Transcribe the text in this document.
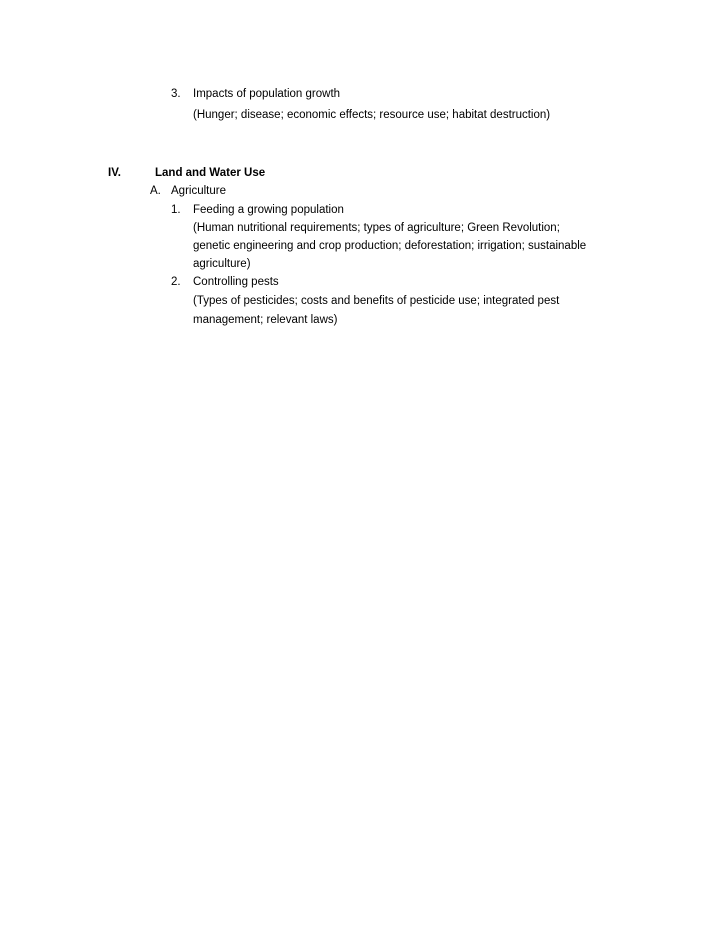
3. Impacts of population growth
(Hunger; disease; economic effects; resource use; habitat destruction)
IV.	Land and Water Use
A. Agriculture
1. Feeding a growing population
(Human nutritional requirements; types of agriculture; Green Revolution;
genetic engineering and crop production; deforestation; irrigation; sustainable
agriculture)
2. Controlling pests
(Types of pesticides; costs and benefits of pesticide use; integrated pest
management; relevant laws)
